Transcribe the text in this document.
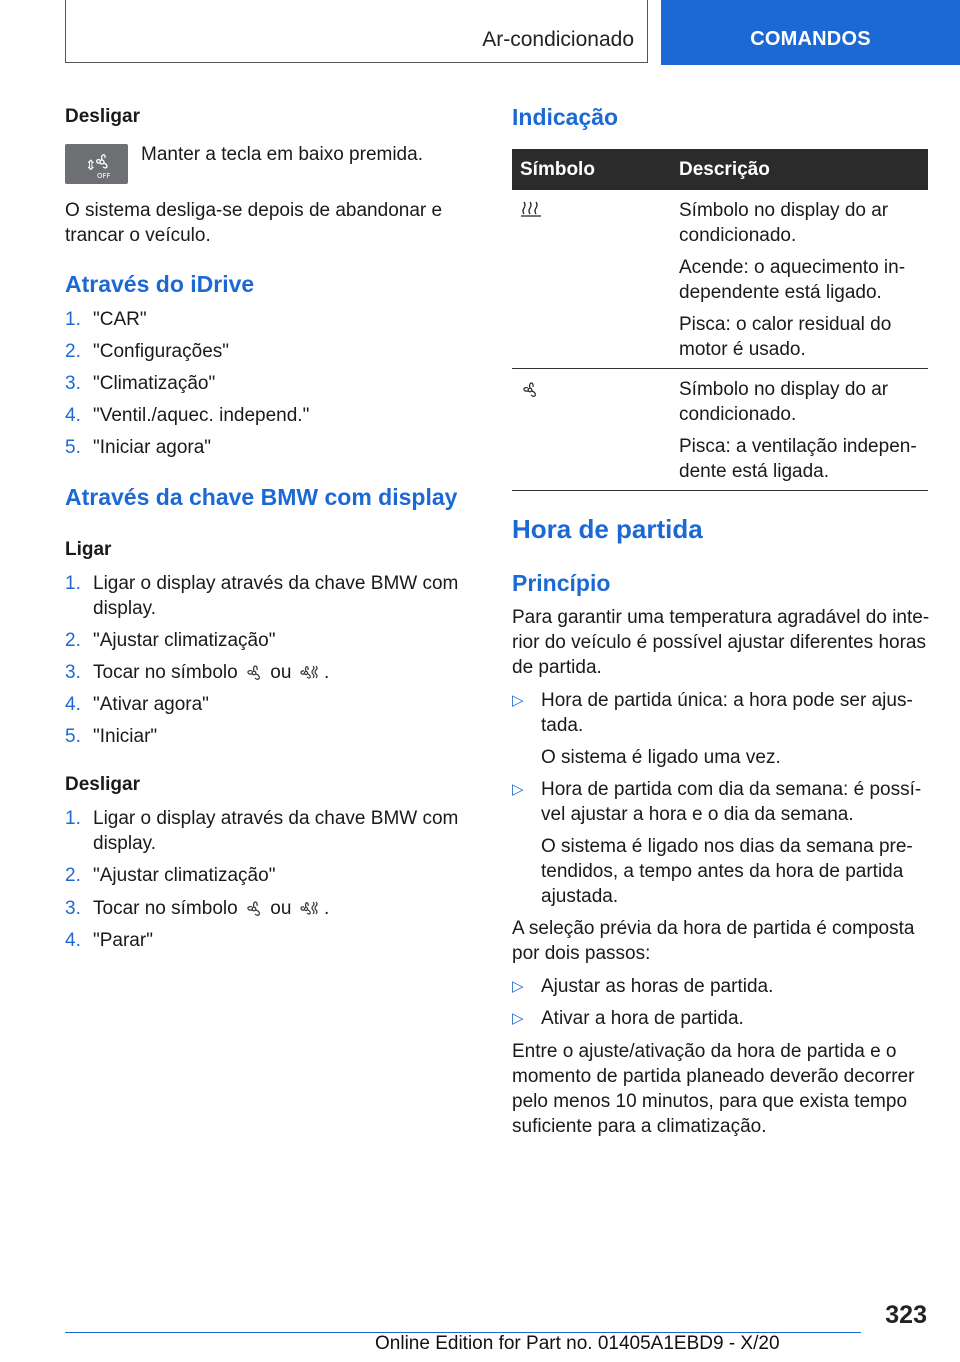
Ar-condicionado	COMANDOS
Desligar
⇕
OFF
Manter a tecla em baixo premida.
O sistema desliga-se depois de abandonar e
trancar o veículo.
Através do iDrive
1. "CAR"
2. "Configurações"
3. "Climatização"
4. "Ventil./aquec. independ."
5. "Iniciar agora"
Através da chave BMW com display
Ligar
1. Ligar o display através da chave BMW com
display.
2. "Ajustar climatização"
3. Tocar no símbolo ou .
4. "Ativar agora"
5. "Iniciar"
Desligar
1. Ligar o display através da chave BMW com
display.
2. "Ajustar climatização"
3. Tocar no símbolo ou .
4. "Parar"
Indicação
Símbolo	Descrição
Símbolo no display do ar
condicionado.
Acende: o aquecimento in-
dependente está ligado.
Pisca: o calor residual do
motor é usado.
Símbolo no display do ar
condicionado.
Pisca: a ventilação indepen-
dente está ligada.
Hora de partida
Princípio
Para garantir uma temperatura agradável do inte-
rior do veículo é possível ajustar diferentes horas
de partida.
▷ Hora de partida única: a hora pode ser ajus-
tada.
O sistema é ligado uma vez.
▷ Hora de partida com dia da semana: é possí-
vel ajustar a hora e o dia da semana.
O sistema é ligado nos dias da semana pre-
tendidos, a tempo antes da hora de partida
ajustada.
A seleção prévia da hora de partida é composta
por dois passos:
▷ Ajustar as horas de partida.
▷ Ativar a hora de partida.
Entre o ajuste/ativação da hora de partida e o
momento de partida planeado deverão decorrer
pelo menos 10 minutos, para que exista tempo
suficiente para a climatização.
323
Online Edition for Part no. 01405A1EBD9 - X/20
